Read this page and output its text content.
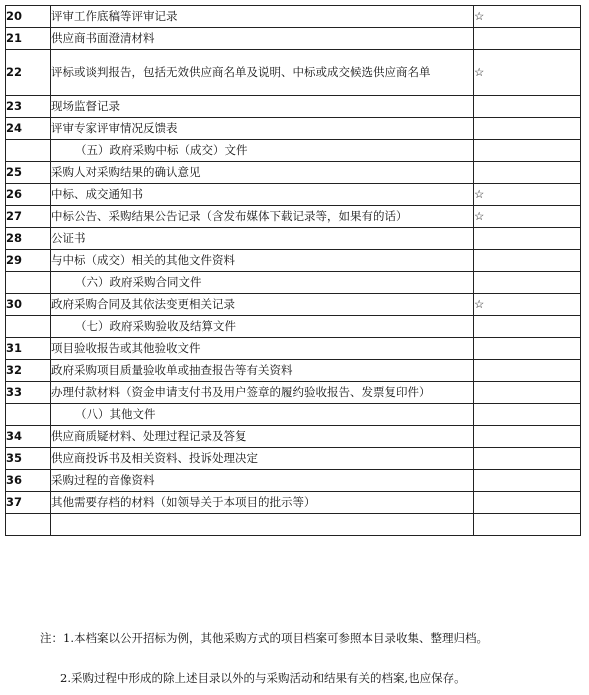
20	评审工作底稿等评审记录	☆
21	供应商书面澄清材料	
22	评标或谈判报告，包括无效供应商名单及说明、中标或成交候选供应商名单	☆
23	现场监督记录	
24	评审专家评审情况反馈表	
	（五）政府采购中标（成交）文件	
25	采购人对采购结果的确认意见	
26	中标、成交通知书	☆
27	中标公告、采购结果公告记录（含发布媒体下载记录等，如果有的话）	☆
28	公证书	
29	与中标（成交）相关的其他文件资料	
	（六）政府采购合同文件	
30	政府采购合同及其依法变更相关记录	☆
	（七）政府采购验收及结算文件	
31	项目验收报告或其他验收文件	
32	政府采购项目质量验收单或抽查报告等有关资料	
33	办理付款材料（资金申请支付书及用户签章的履约验收报告、发票复印件）	
	（八）其他文件	
34	供应商质疑材料、处理过程记录及答复	
35	供应商投诉书及相关资料、投诉处理决定	
36	采购过程的音像资料	
37	其他需要存档的材料（如领导关于本项目的批示等）	

注：1.本档案以公开招标为例，其他采购方式的项目档案可参照本目录收集、整理归档。
2.采购过程中形成的除上述目录以外的与采购活动和结果有关的档案,也应保存。
